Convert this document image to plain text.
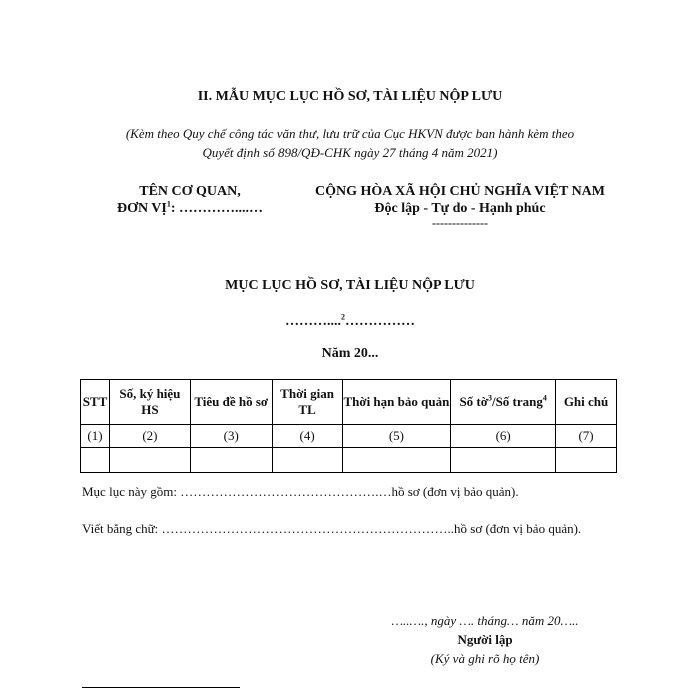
II. MẪU MỤC LỤC HỒ SƠ, TÀI LIỆU NỘP LƯU
(Kèm theo Quy chế công tác văn thư, lưu trữ của Cục HKVN được ban hành kèm theo
Quyết định số 898/QĐ-CHK ngày 27 tháng 4 năm 2021)
TÊN CƠ QUAN,
ĐƠN VỊ$^1$: …………....…
CỘNG HÒA XÃ HỘI CHỦ NGHĨA VIỆT NAM
Độc lập - Tự do - Hạnh phúc
--------------
MỤC LỤC HỒ SƠ, TÀI LIỆU NỘP LƯU
………....$^2$……………
Năm 20...
STT	Số, ký hiệu HS	Tiêu đề hồ sơ	Thời gian TL	Thời hạn bảo quản	Số tờ$^3$/Số trang$^4$	Ghi chú
(1)	(2)	(3)	(4)	(5)	(6)	(7)

Mục lục này gồm: ……………………………………….…hồ sơ (đơn vị bảo quản).
Viết bằng chữ: …………………………………………………………..hồ sơ (đơn vị bảo quản).
…..…., ngày …. tháng… năm 20…..
Người lập
(Ký và ghi rõ họ tên)
